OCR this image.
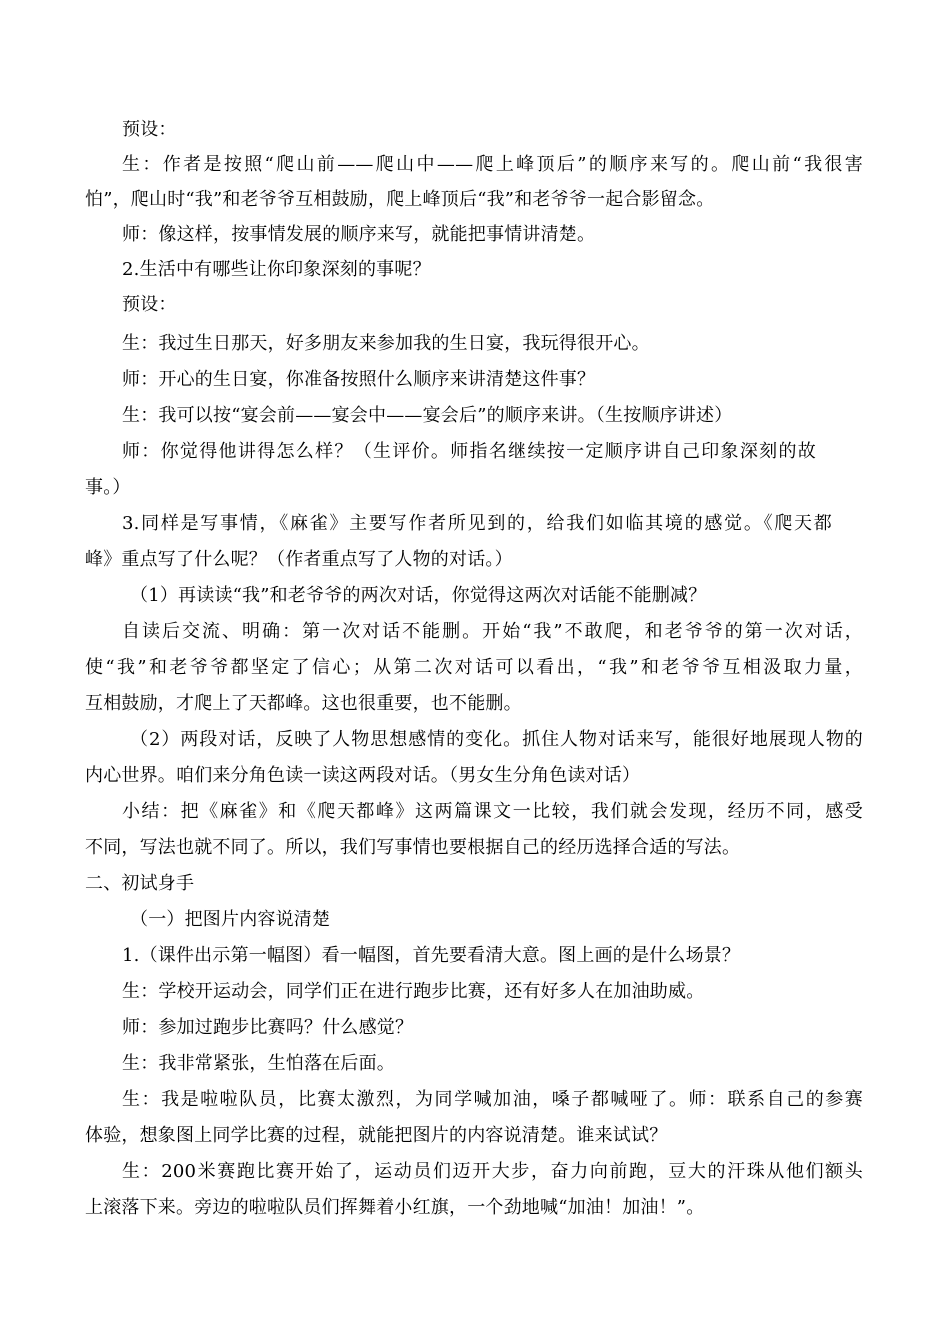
预设：
生：作者是按照“爬山前——爬山中——爬上峰顶后”的顺序来写的。爬山前“我很害
怕”，爬山时“我”和老爷爷互相鼓励，爬上峰顶后“我”和老爷爷一起合影留念。
师：像这样，按事情发展的顺序来写，就能把事情讲清楚。
2.生活中有哪些让你印象深刻的事呢？
预设：
生：我过生日那天，好多朋友来参加我的生日宴，我玩得很开心。
师：开心的生日宴，你准备按照什么顺序来讲清楚这件事？
生：我可以按“宴会前——宴会中——宴会后”的顺序来讲。（生按顺序讲述）
师：你觉得他讲得怎么样？（生评价。师指名继续按一定顺序讲自己印象深刻的故
事。）
3.同样是写事情，《麻雀》主要写作者所见到的，给我们如临其境的感觉。《爬天都
峰》重点写了什么呢？（作者重点写了人物的对话。）
（1）再读读“我”和老爷爷的两次对话，你觉得这两次对话能不能删减？
自读后交流、明确：第一次对话不能删。开始“我”不敢爬，和老爷爷的第一次对话，
使“我”和老爷爷都坚定了信心；从第二次对话可以看出，“我”和老爷爷互相汲取力量，
互相鼓励，才爬上了天都峰。这也很重要，也不能删。
（2）两段对话，反映了人物思想感情的变化。抓住人物对话来写，能很好地展现人物的
内心世界。咱们来分角色读一读这两段对话。（男女生分角色读对话）
小结：把《麻雀》和《爬天都峰》这两篇课文一比较，我们就会发现，经历不同，感受
不同，写法也就不同了。所以，我们写事情也要根据自己的经历选择合适的写法。
二、初试身手
（一）把图片内容说清楚
1.（课件出示第一幅图）看一幅图，首先要看清大意。图上画的是什么场景？
生：学校开运动会，同学们正在进行跑步比赛，还有好多人在加油助威。
师：参加过跑步比赛吗？什么感觉？
生：我非常紧张，生怕落在后面。
生：我是啦啦队员，比赛太激烈，为同学喊加油，嗓子都喊哑了。师：联系自己的参赛
体验，想象图上同学比赛的过程，就能把图片的内容说清楚。谁来试试？
生：200米赛跑比赛开始了，运动员们迈开大步，奋力向前跑，豆大的汗珠从他们额头
上滚落下来。旁边的啦啦队员们挥舞着小红旗，一个劲地喊“加油！加油！”。
